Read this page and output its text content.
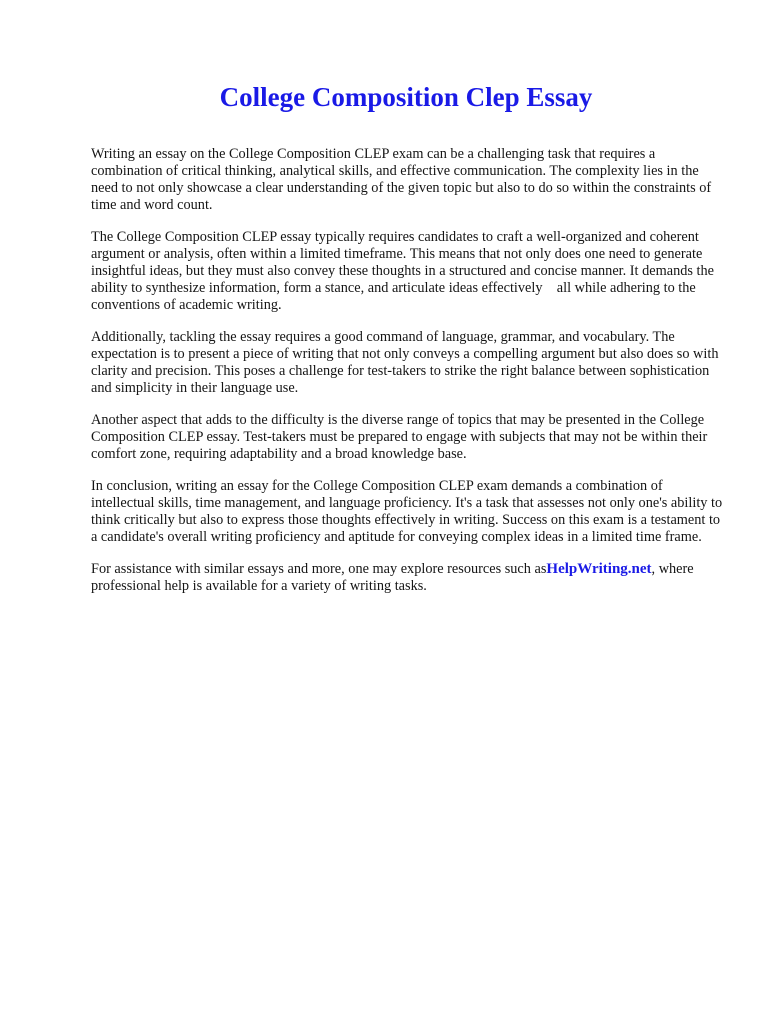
College Composition Clep Essay

Writing an essay on the College Composition CLEP exam can be a challenging task that requires a combination of critical thinking, analytical skills, and effective communication. The complexity lies in the need to not only showcase a clear understanding of the given topic but also to do so within the constraints of time and word count.

The College Composition CLEP essay typically requires candidates to craft a well-organized and coherent argument or analysis, often within a limited timeframe. This means that not only does one need to generate insightful ideas, but they must also convey these thoughts in a structured and concise manner. It demands the ability to synthesize information, form a stance, and articulate ideas effectively    all while adhering to the conventions of academic writing.

Additionally, tackling the essay requires a good command of language, grammar, and vocabulary. The expectation is to present a piece of writing that not only conveys a compelling argument but also does so with clarity and precision. This poses a challenge for test-takers to strike the right balance between sophistication and simplicity in their language use.

Another aspect that adds to the difficulty is the diverse range of topics that may be presented in the College Composition CLEP essay. Test-takers must be prepared to engage with subjects that may not be within their comfort zone, requiring adaptability and a broad knowledge base.

In conclusion, writing an essay for the College Composition CLEP exam demands a combination of intellectual skills, time management, and language proficiency. It's a task that assesses not only one's ability to think critically but also to express those thoughts effectively in writing. Success on this exam is a testament to a candidate's overall writing proficiency and aptitude for conveying complex ideas in a limited time frame.

For assistance with similar essays and more, one may explore resources such asHelpWriting.net, where professional help is available for a variety of writing tasks.
